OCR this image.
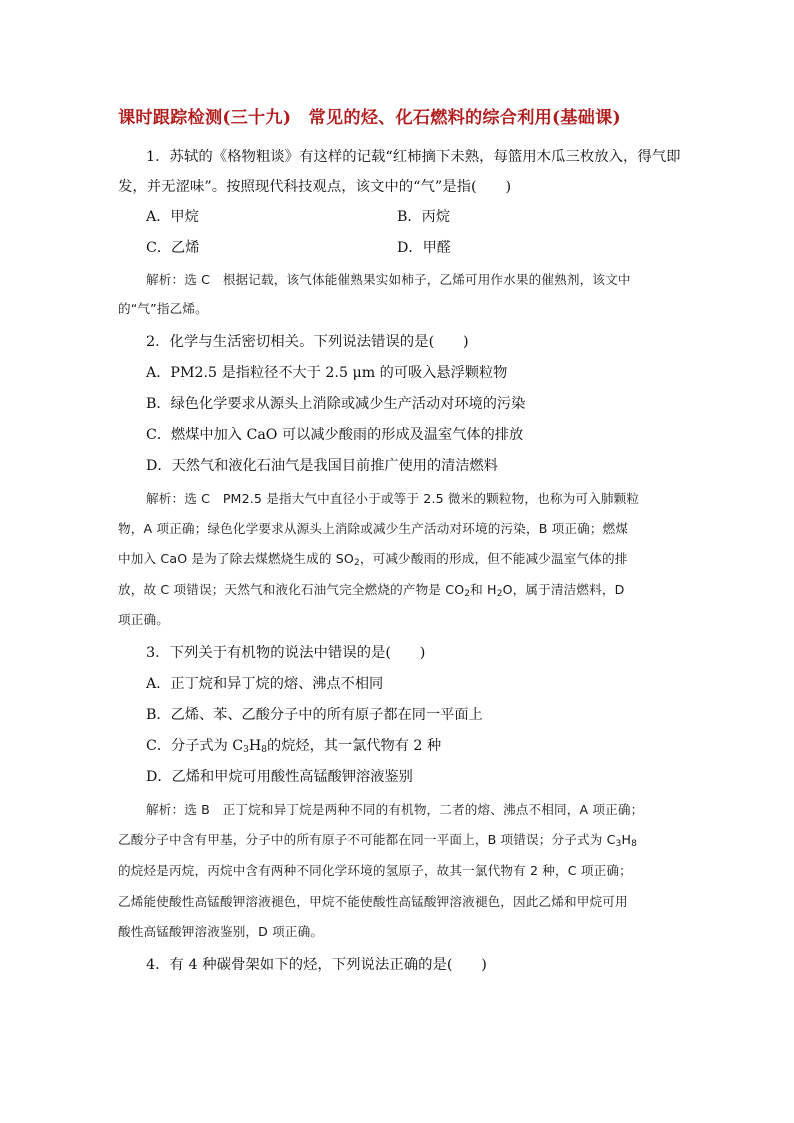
课时跟踪检测(三十九)　常见的烃、化石燃料的综合利用(基础课)
1．苏轼的《格物粗谈》有这样的记载“红柿摘下未熟，每篮用木瓜三枚放入，得气即
发，并无涩味”。按照现代科技观点，该文中的“气”是指(　　)
A．甲烷	B．丙烷
C．乙烯	D．甲醛
解析：选 C　根据记载，该气体能催熟果实如柿子，乙烯可用作水果的催熟剂，该文中
的“气”指乙烯。
2．化学与生活密切相关。下列说法错误的是(　　)
A．PM2.5 是指粒径不大于 2.5 μm 的可吸入悬浮颗粒物
B．绿色化学要求从源头上消除或减少生产活动对环境的污染
C．燃煤中加入 CaO 可以减少酸雨的形成及温室气体的排放
D．天然气和液化石油气是我国目前推广使用的清洁燃料
解析：选 C　PM2.5 是指大气中直径小于或等于 2.5 微米的颗粒物，也称为可入肺颗粒
物，A 项正确；绿色化学要求从源头上消除或减少生产活动对环境的污染，B 项正确；燃煤
中加入 CaO 是为了除去煤燃烧生成的 $SO_2$，可减少酸雨的形成，但不能减少温室气体的排
放，故 C 项错误；天然气和液化石油气完全燃烧的产物是 $CO_2$和 $H_2O$，属于清洁燃料，D
项正确。
3．下列关于有机物的说法中错误的是(　　)
A．正丁烷和异丁烷的熔、沸点不相同
B．乙烯、苯、乙酸分子中的所有原子都在同一平面上
C．分子式为 $C_3H_8$的烷烃，其一氯代物有 2 种
D．乙烯和甲烷可用酸性高锰酸钾溶液鉴别
解析：选 B　正丁烷和异丁烷是两种不同的有机物，二者的熔、沸点不相同，A 项正确；
乙酸分子中含有甲基，分子中的所有原子不可能都在同一平面上，B 项错误；分子式为 $C_3H_8$
的烷烃是丙烷，丙烷中含有两种不同化学环境的氢原子，故其一氯代物有 2 种，C 项正确；
乙烯能使酸性高锰酸钾溶液褪色，甲烷不能使酸性高锰酸钾溶液褪色，因此乙烯和甲烷可用
酸性高锰酸钾溶液鉴别，D 项正确。
4．有 4 种碳骨架如下的烃，下列说法正确的是(　　)
